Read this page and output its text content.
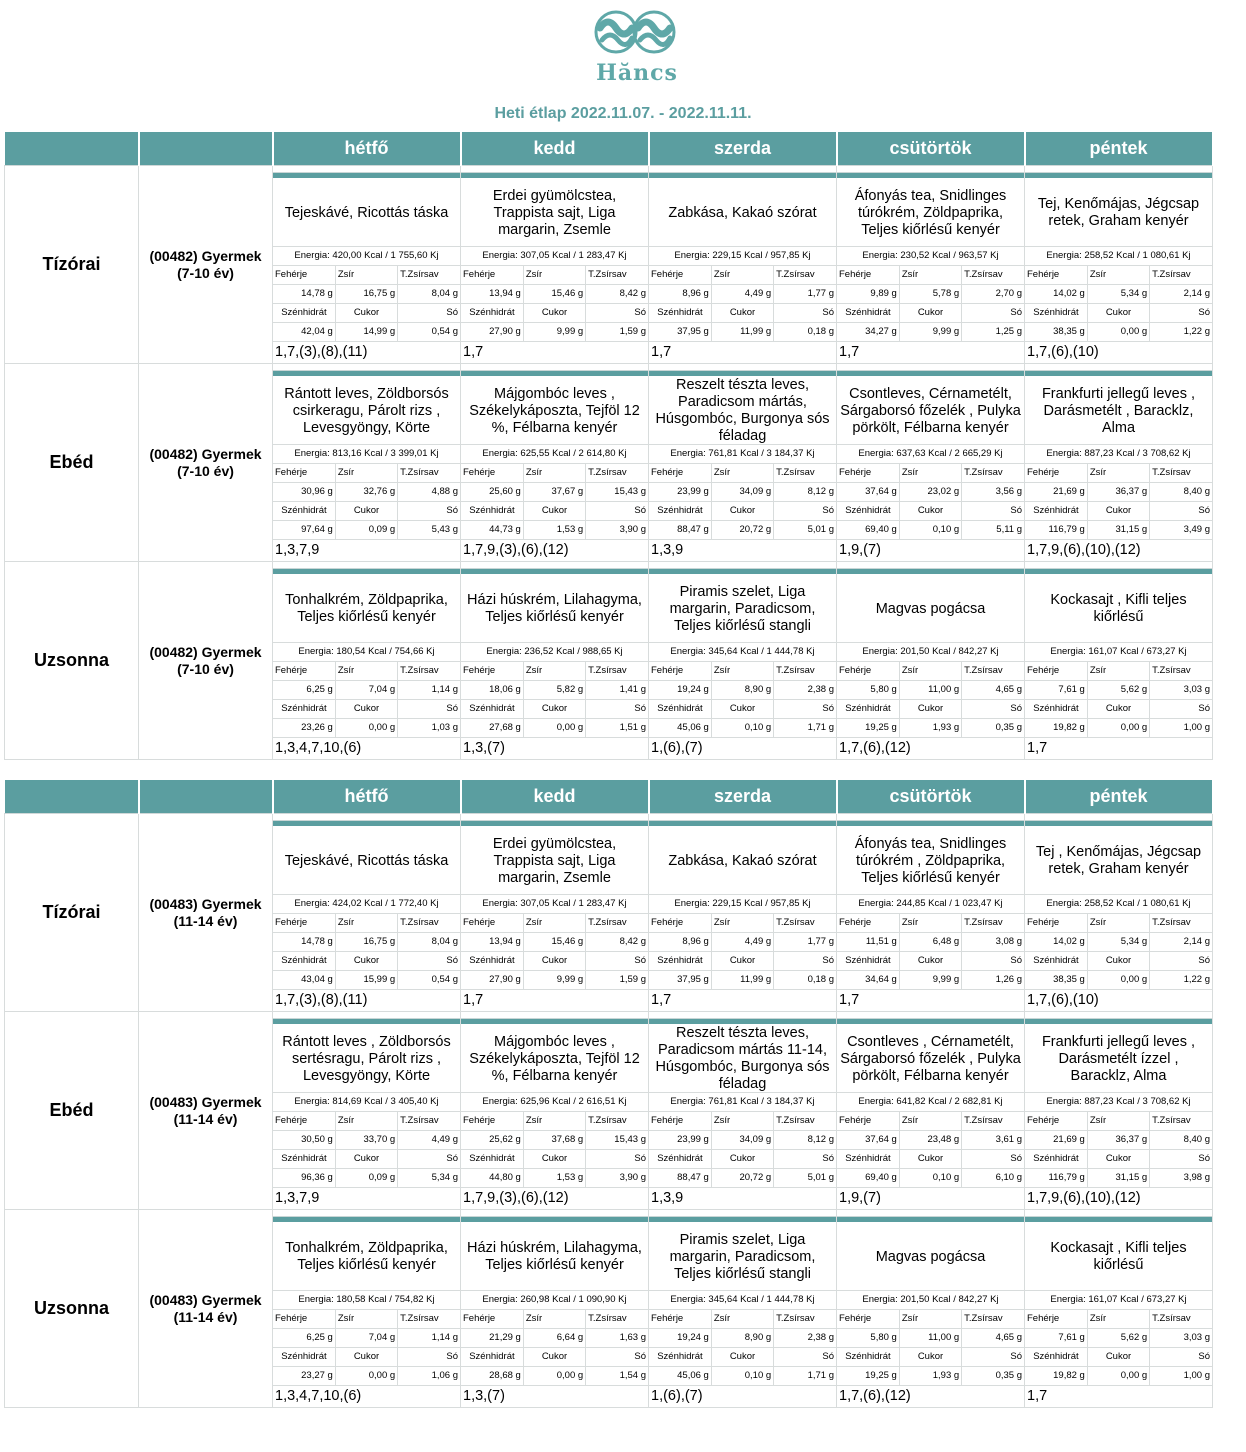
Hăncs
Heti étlap 2022.11.07. - 2022.11.11.
		hétfő	kedd	szerda	csütörtök	péntek
Tízórai	(00482) Gyermek (7-10 év)	
Tejeskávé, Ricottás táska
Energia: 420,00 Kcal / 1 755,60 Kj
Fehérje	Zsír	T.Zsírsav
14,78 g	16,75 g	8,04 g
Szénhidrát	Cukor	Só
42,04 g	14,99 g	0,54 g
1,7,(3),(8),(11)

Erdei gyümölcstea, Trappista sajt, Liga margarin, Zsemle
Energia: 307,05 Kcal / 1 283,47 Kj
Fehérje	Zsír	T.Zsírsav
13,94 g	15,46 g	8,42 g
Szénhidrát	Cukor	Só
27,90 g	9,99 g	1,59 g
1,7

Zabkása, Kakaó szórat
Energia: 229,15 Kcal / 957,85 Kj
Fehérje	Zsír	T.Zsírsav
8,96 g	4,49 g	1,77 g
Szénhidrát	Cukor	Só
37,95 g	11,99 g	0,18 g
1,7

Áfonyás tea, Snidlinges túrókrém, Zöldpaprika, Teljes kiőrlésű kenyér
Energia: 230,52 Kcal / 963,57 Kj
Fehérje	Zsír	T.Zsírsav
9,89 g	5,78 g	2,70 g
Szénhidrát	Cukor	Só
34,27 g	9,99 g	1,25 g
1,7

Tej, Kenőmájas, Jégcsap retek, Graham kenyér
Energia: 258,52 Kcal / 1 080,61 Kj
Fehérje	Zsír	T.Zsírsav
14,02 g	5,34 g	2,14 g
Szénhidrát	Cukor	Só
38,35 g	0,00 g	1,22 g
1,7,(6),(10)

Ebéd	(00482) Gyermek (7-10 év)	
Rántott leves, Zöldborsós csirkeragu, Párolt rizs , Levesgyöngy, Körte
Energia: 813,16 Kcal / 3 399,01 Kj
Fehérje	Zsír	T.Zsírsav
30,96 g	32,76 g	4,88 g
Szénhidrát	Cukor	Só
97,64 g	0,09 g	5,43 g
1,3,7,9

Májgombóc leves , Székelykáposzta, Tejföl 12 %, Félbarna kenyér
Energia: 625,55 Kcal / 2 614,80 Kj
Fehérje	Zsír	T.Zsírsav
25,60 g	37,67 g	15,43 g
Szénhidrát	Cukor	Só
44,73 g	1,53 g	3,90 g
1,7,9,(3),(6),(12)

Reszelt tészta leves, Paradicsom mártás, Húsgombóc, Burgonya sós féladag
Energia: 761,81 Kcal / 3 184,37 Kj
Fehérje	Zsír	T.Zsírsav
23,99 g	34,09 g	8,12 g
Szénhidrát	Cukor	Só
88,47 g	20,72 g	5,01 g
1,3,9

Csontleves, Cérnametélt, Sárgaborsó főzelék , Pulyka pörkölt, Félbarna kenyér
Energia: 637,63 Kcal / 2 665,29 Kj
Fehérje	Zsír	T.Zsírsav
37,64 g	23,02 g	3,56 g
Szénhidrát	Cukor	Só
69,40 g	0,10 g	5,11 g
1,9,(7)

Frankfurti jellegű leves , Darásmetélt , Baracklz, Alma
Energia: 887,23 Kcal / 3 708,62 Kj
Fehérje	Zsír	T.Zsírsav
21,69 g	36,37 g	8,40 g
Szénhidrát	Cukor	Só
116,79 g	31,15 g	3,49 g
1,7,9,(6),(10),(12)

Uzsonna	(00482) Gyermek (7-10 év)	
Tonhalkrém, Zöldpaprika, Teljes kiőrlésű kenyér
Energia: 180,54 Kcal / 754,66 Kj
Fehérje	Zsír	T.Zsírsav
6,25 g	7,04 g	1,14 g
Szénhidrát	Cukor	Só
23,26 g	0,00 g	1,03 g
1,3,4,7,10,(6)

Házi húskrém, Lilahagyma, Teljes kiőrlésű kenyér
Energia: 236,52 Kcal / 988,65 Kj
Fehérje	Zsír	T.Zsírsav
18,06 g	5,82 g	1,41 g
Szénhidrát	Cukor	Só
27,68 g	0,00 g	1,51 g
1,3,(7)

Piramis szelet, Liga margarin, Paradicsom, Teljes kiőrlésű stangli
Energia: 345,64 Kcal / 1 444,78 Kj
Fehérje	Zsír	T.Zsírsav
19,24 g	8,90 g	2,38 g
Szénhidrát	Cukor	Só
45,06 g	0,10 g	1,71 g
1,(6),(7)

Magvas pogácsa
Energia: 201,50 Kcal / 842,27 Kj
Fehérje	Zsír	T.Zsírsav
5,80 g	11,00 g	4,65 g
Szénhidrát	Cukor	Só
19,25 g	1,93 g	0,35 g
1,7,(6),(12)

Kockasajt , Kifli teljes kiőrlésű
Energia: 161,07 Kcal / 673,27 Kj
Fehérje	Zsír	T.Zsírsav
7,61 g	5,62 g	3,03 g
Szénhidrát	Cukor	Só
19,82 g	0,00 g	1,00 g
1,7
		hétfő	kedd	szerda	csütörtök	péntek
Tízórai	(00483) Gyermek (11-14 év)	
Tejeskávé, Ricottás táska
Energia: 424,02 Kcal / 1 772,40 Kj
Fehérje	Zsír	T.Zsírsav
14,78 g	16,75 g	8,04 g
Szénhidrát	Cukor	Só
43,04 g	15,99 g	0,54 g
1,7,(3),(8),(11)

Erdei gyümölcstea, Trappista sajt, Liga margarin, Zsemle
Energia: 307,05 Kcal / 1 283,47 Kj
Fehérje	Zsír	T.Zsírsav
13,94 g	15,46 g	8,42 g
Szénhidrát	Cukor	Só
27,90 g	9,99 g	1,59 g
1,7

Zabkása, Kakaó szórat
Energia: 229,15 Kcal / 957,85 Kj
Fehérje	Zsír	T.Zsírsav
8,96 g	4,49 g	1,77 g
Szénhidrát	Cukor	Só
37,95 g	11,99 g	0,18 g
1,7

Áfonyás tea, Snidlinges túrókrém , Zöldpaprika, Teljes kiőrlésű kenyér
Energia: 244,85 Kcal / 1 023,47 Kj
Fehérje	Zsír	T.Zsírsav
11,51 g	6,48 g	3,08 g
Szénhidrát	Cukor	Só
34,64 g	9,99 g	1,26 g
1,7

Tej , Kenőmájas, Jégcsap retek, Graham kenyér
Energia: 258,52 Kcal / 1 080,61 Kj
Fehérje	Zsír	T.Zsírsav
14,02 g	5,34 g	2,14 g
Szénhidrát	Cukor	Só
38,35 g	0,00 g	1,22 g
1,7,(6),(10)

Ebéd	(00483) Gyermek (11-14 év)	
Rántott leves , Zöldborsós sertésragu, Párolt rizs , Levesgyöngy, Körte
Energia: 814,69 Kcal / 3 405,40 Kj
Fehérje	Zsír	T.Zsírsav
30,50 g	33,70 g	4,49 g
Szénhidrát	Cukor	Só
96,36 g	0,09 g	5,34 g
1,3,7,9

Májgombóc leves , Székelykáposzta, Tejföl 12 %, Félbarna kenyér
Energia: 625,96 Kcal / 2 616,51 Kj
Fehérje	Zsír	T.Zsírsav
25,62 g	37,68 g	15,43 g
Szénhidrát	Cukor	Só
44,80 g	1,53 g	3,90 g
1,7,9,(3),(6),(12)

Reszelt tészta leves, Paradicsom mártás 11-14, Húsgombóc, Burgonya sós féladag
Energia: 761,81 Kcal / 3 184,37 Kj
Fehérje	Zsír	T.Zsírsav
23,99 g	34,09 g	8,12 g
Szénhidrát	Cukor	Só
88,47 g	20,72 g	5,01 g
1,3,9

Csontleves , Cérnametélt, Sárgaborsó főzelék , Pulyka pörkölt, Félbarna kenyér
Energia: 641,82 Kcal / 2 682,81 Kj
Fehérje	Zsír	T.Zsírsav
37,64 g	23,48 g	3,61 g
Szénhidrát	Cukor	Só
69,40 g	0,10 g	6,10 g
1,9,(7)

Frankfurti jellegű leves , Darásmetélt ízzel , Baracklz, Alma
Energia: 887,23 Kcal / 3 708,62 Kj
Fehérje	Zsír	T.Zsírsav
21,69 g	36,37 g	8,40 g
Szénhidrát	Cukor	Só
116,79 g	31,15 g	3,98 g
1,7,9,(6),(10),(12)

Uzsonna	(00483) Gyermek (11-14 év)	
Tonhalkrém, Zöldpaprika, Teljes kiőrlésű kenyér
Energia: 180,58 Kcal / 754,82 Kj
Fehérje	Zsír	T.Zsírsav
6,25 g	7,04 g	1,14 g
Szénhidrát	Cukor	Só
23,27 g	0,00 g	1,06 g
1,3,4,7,10,(6)

Házi húskrém, Lilahagyma, Teljes kiőrlésű kenyér
Energia: 260,98 Kcal / 1 090,90 Kj
Fehérje	Zsír	T.Zsírsav
21,29 g	6,64 g	1,63 g
Szénhidrát	Cukor	Só
28,68 g	0,00 g	1,54 g
1,3,(7)

Piramis szelet, Liga margarin, Paradicsom, Teljes kiőrlésű stangli
Energia: 345,64 Kcal / 1 444,78 Kj
Fehérje	Zsír	T.Zsírsav
19,24 g	8,90 g	2,38 g
Szénhidrát	Cukor	Só
45,06 g	0,10 g	1,71 g
1,(6),(7)

Magvas pogácsa
Energia: 201,50 Kcal / 842,27 Kj
Fehérje	Zsír	T.Zsírsav
5,80 g	11,00 g	4,65 g
Szénhidrát	Cukor	Só
19,25 g	1,93 g	0,35 g
1,7,(6),(12)

Kockasajt , Kifli teljes kiőrlésű
Energia: 161,07 Kcal / 673,27 Kj
Fehérje	Zsír	T.Zsírsav
7,61 g	5,62 g	3,03 g
Szénhidrát	Cukor	Só
19,82 g	0,00 g	1,00 g
1,7
